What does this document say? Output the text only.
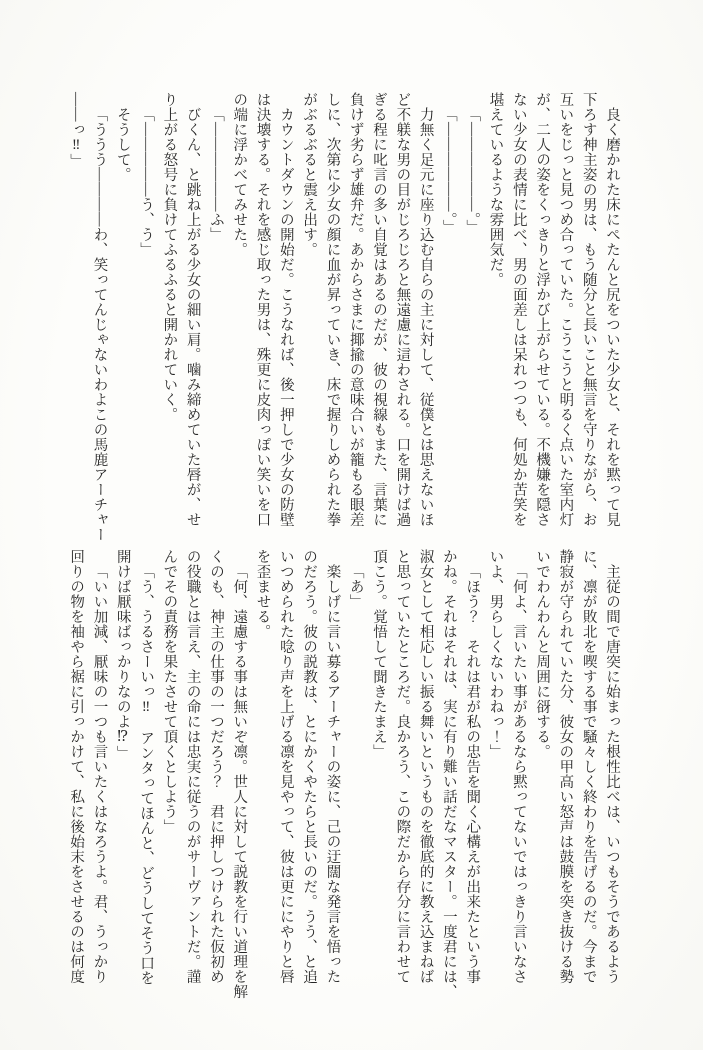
良く磨かれた床にぺたんと尻をついた少女と、それを黙って見

下ろす神主姿の男は、もう随分と長いこと無言を守りながら、お

互いをじっと見つめ合っていた。こうこうと明るく点いた室内灯

が、二人の姿をくっきりと浮かび上がらせている。不機嫌を隠さ

ない少女の表情に比べ、男の面差しは呆れつつも、何処か苦笑を

堪えているような雰囲気だ。

「――――――。」

「――――――。」

力無く足元に座り込む自らの主に対して、従僕とは思えないほ

ど不躾な男の目がじろじろと無遠慮に這わされる。口を開けば過

ぎる程に叱言の多い自覚はあるのだが、彼の視線もまた、言葉に

負けず劣らず雄弁だ。あからさまに揶揄の意味合いが籠もる眼差

しに、次第に少女の顔に血が昇っていき、床で握りしめられた拳

がぶるぶると震え出す。

カウントダウンの開始だ。こうなれば、後一押しで少女の防壁

は決壊する。それを感じ取った男は、殊更に皮肉っぽい笑いを口

の端に浮かべてみせた。

「――――――ふ」

びくん、と跳ね上がる少女の細い肩。噛み締めていた唇が、せ

り上がる怒号に負けてふるふると開かれていく。

「―――――う、う」

そうして。

「ううう――――わ、笑ってんじゃないわよこの馬鹿アーチャー

――っ‼」

主従の間で唐突に始まった根性比べは、いつもそうであるよう

に、凛が敗北を喫する事で騒々しく終わりを告げるのだ。今まで

静寂が守られていた分、彼女の甲高い怒声は鼓膜を突き抜ける勢

いでわんわんと周囲に谺する。

「何よ、言いたい事があるなら黙ってないではっきり言いなさ

いよ、男らしくないわねっ！」

「ほう？　それは君が私の忠告を聞く心構えが出来たという事

かね。それはそれは、実に有り難い話だなマスター。一度君には、

淑女として相応しい振る舞いというものを徹底的に教え込まねば

と思っていたところだ。良かろう、この際だから存分に言わせて

頂こう。覚悟して聞きたまえ」

「あ」

楽しげに言い募るアーチャーの姿に、己の迂闊な発言を悟った

のだろう。彼の説教は、とにかくやたらと長いのだ。うう、と追

いつめられた唸り声を上げる凛を見やって、彼は更ににやりと唇

を歪ませる。

「何、遠慮する事は無いぞ凛。世人に対して説教を行い道理を解

くのも、神主の仕事の一つだろう？　君に押しつけられた仮初め

の役職とは言え、主の命には忠実に従うのがサーヴァントだ。謹

んでその責務を果たさせて頂くとしよう」

「う、うるさーいっ‼　アンタってほんと、どうしてそう口を

開けば厭味ばっかりなのよ⁉」

「いい加減、厭味の一つも言いたくはなろうよ。君、うっかり

回りの物を袖やら裾に引っかけて、私に後始末をさせるのは何度
